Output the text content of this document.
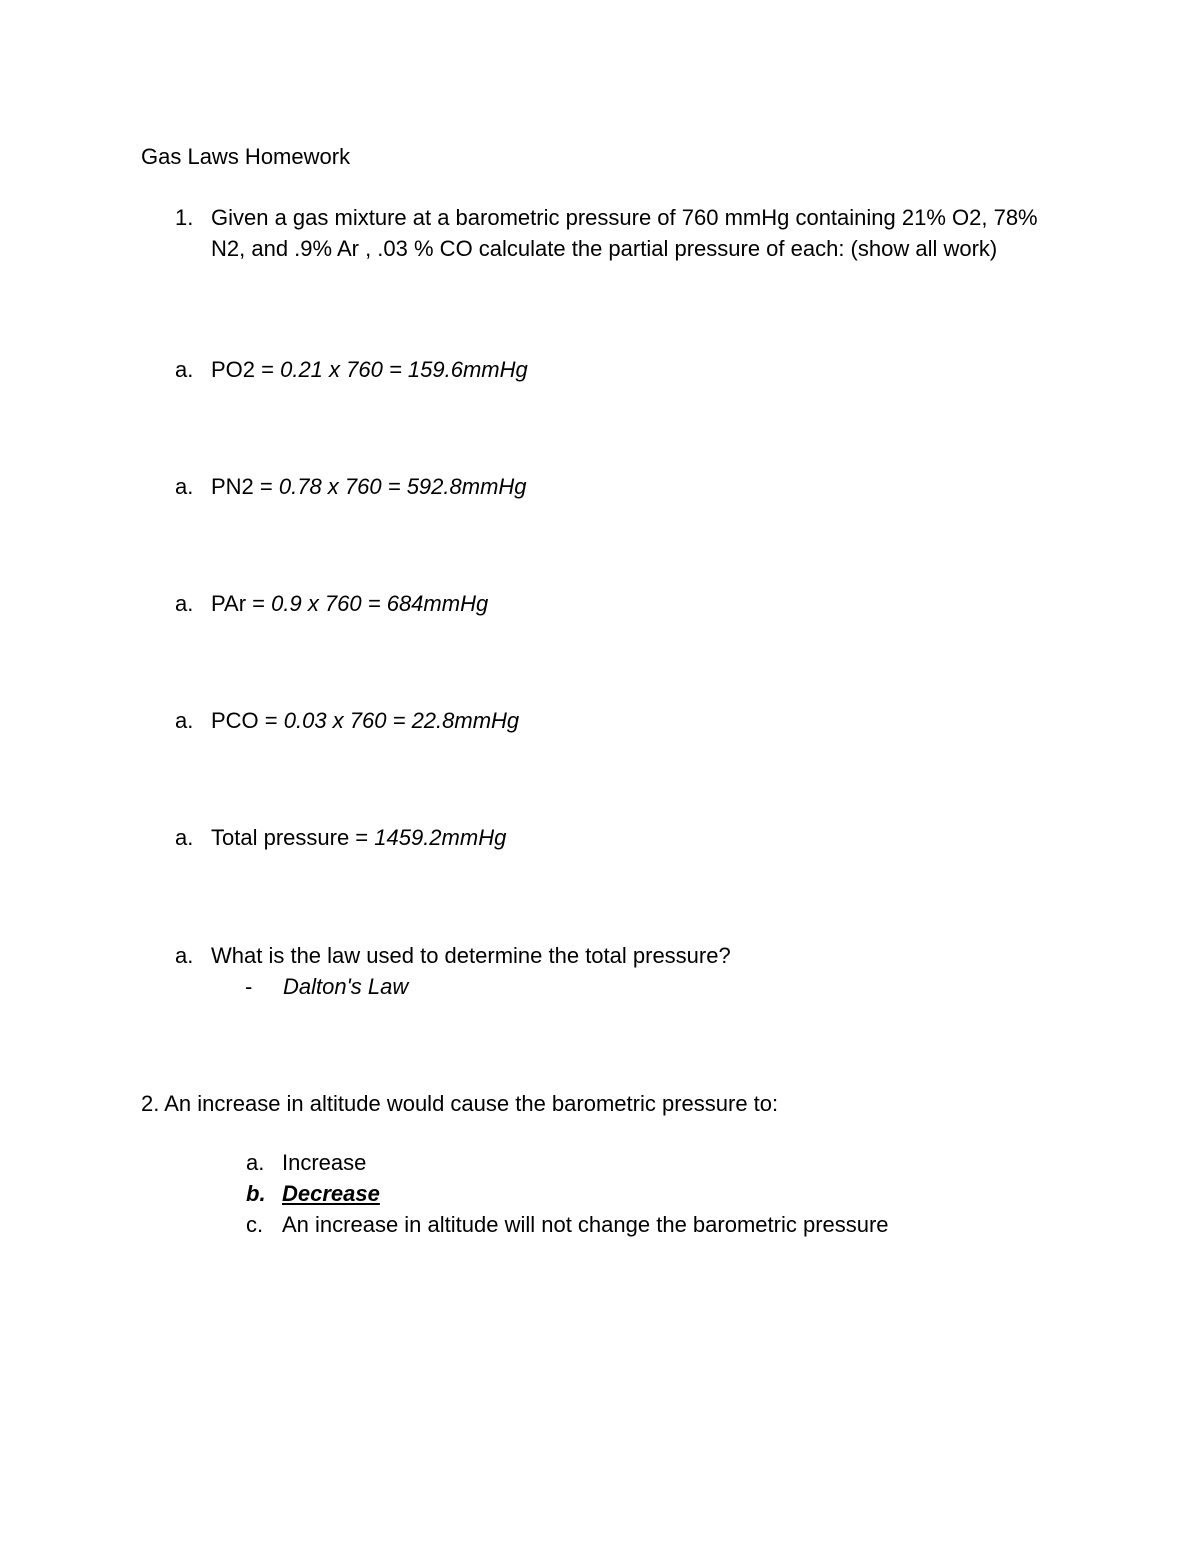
Gas Laws Homework
1. Given a gas mixture at a barometric pressure of 760 mmHg containing 21% O2, 78% N2, and .9% Ar , .03 % CO calculate the partial pressure of each: (show all work)
a. PO2 = 0.21 x 760 = 159.6mmHg
a. PN2 = 0.78 x 760 = 592.8mmHg
a. PAr = 0.9 x 760 = 684mmHg
a. PCO = 0.03 x 760 = 22.8mmHg
a. Total pressure = 1459.2mmHg
a. What is the law used to determine the total pressure?
- Dalton's Law
2. An increase in altitude would cause the barometric pressure to:
a. Increase
b. Decrease
c. An increase in altitude will not change the barometric pressure
